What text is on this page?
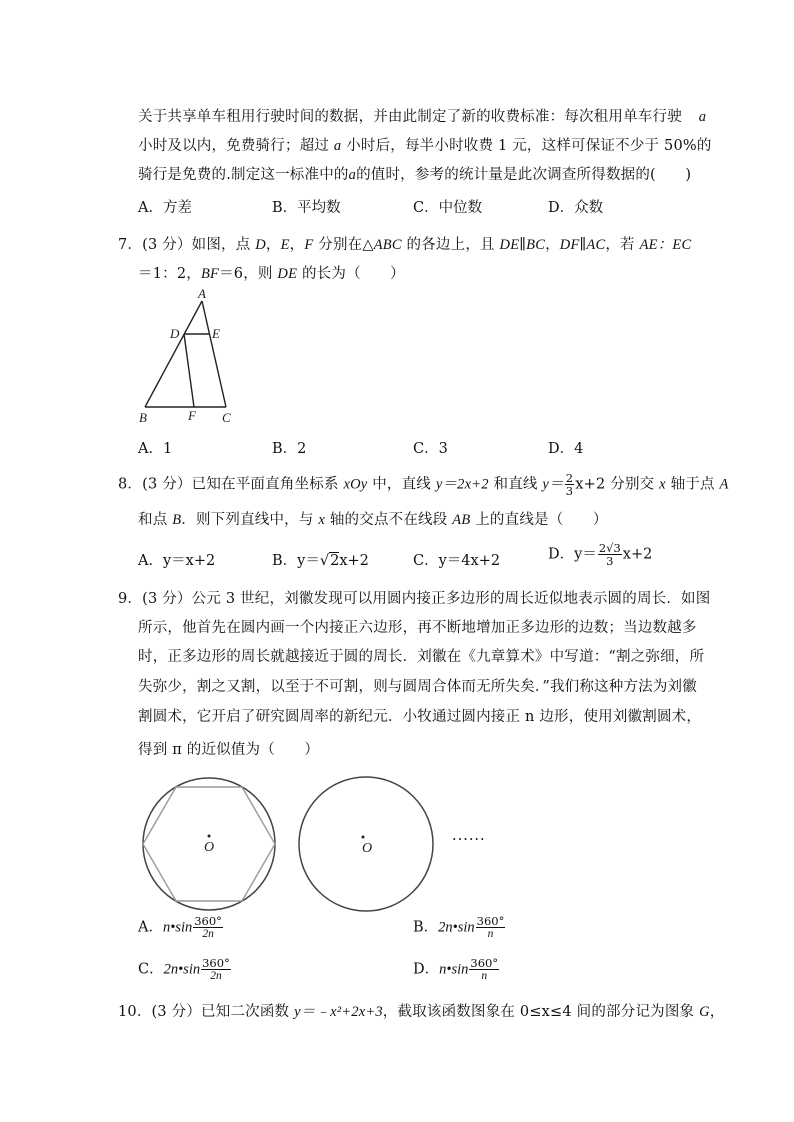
关于共享单车租用行驶时间的数据，并由此制定了新的收费标准：每次租用单车行驶 a
小时及以内，免费骑行；超过 a 小时后，每半小时收费 1 元，这样可保证不少于 50%的
骑行是免费的.制定这一标准中的a的值时，参考的统计量是此次调查所得数据的(　　)
A．方差	B．平均数	C．中位数	D．众数
7．(3 分）如图，点 D，E，F 分别在△ABC 的各边上，且 DE∥BC，DF∥AC，若 AE：EC
＝1：2，BF＝6，则 DE 的长为（　　）
A
D	E
B	F C
A．1	B．2	C．3	D．4
8．(3 分）已知在平面直角坐标系 xOy 中，直线 y＝2x+2 和直线 $y= \frac{2}{3} x+2$ 分别交 x 轴于点 A
和点 B．则下列直线中，与 x 轴的交点不在线段 AB 上的直线是（　　）
A．y＝x+2	B．y＝√2x+2	C．y＝4x+2	D．$y= \frac{2√3}{3} x+2$
9．(3 分）公元 3 世纪，刘徽发现可以用圆内接正多边形的周长近似地表示圆的周长．如图
所示，他首先在圆内画一个内接正六边形，再不断地增加正多边形的边数；当边数越多
时，正多边形的周长就越接近于圆的周长．刘徽在《九章算术》中写道：“割之弥细，所
失弥少，割之又割，以至于不可割，则与圆周合体而无所失矣．”我们称这种方法为刘徽
割圆术，它开启了研究圆周率的新纪元．小牧通过圆内接正 n 边形，使用刘徽割圆术，
得到 π 的近似值为（　　）
O	O
......
A．n•sin $\frac{360^\circ}{2n}$	B．2n•sin $\frac{360^\circ}{n}$
C．2n•sin $\frac{360^\circ}{2n}$	D．n•sin $\frac{360^\circ}{n}$
10．(3 分）已知二次函数 y＝﹣x²+2x+3，截取该函数图象在 0≤x≤4 间的部分记为图象 G，
